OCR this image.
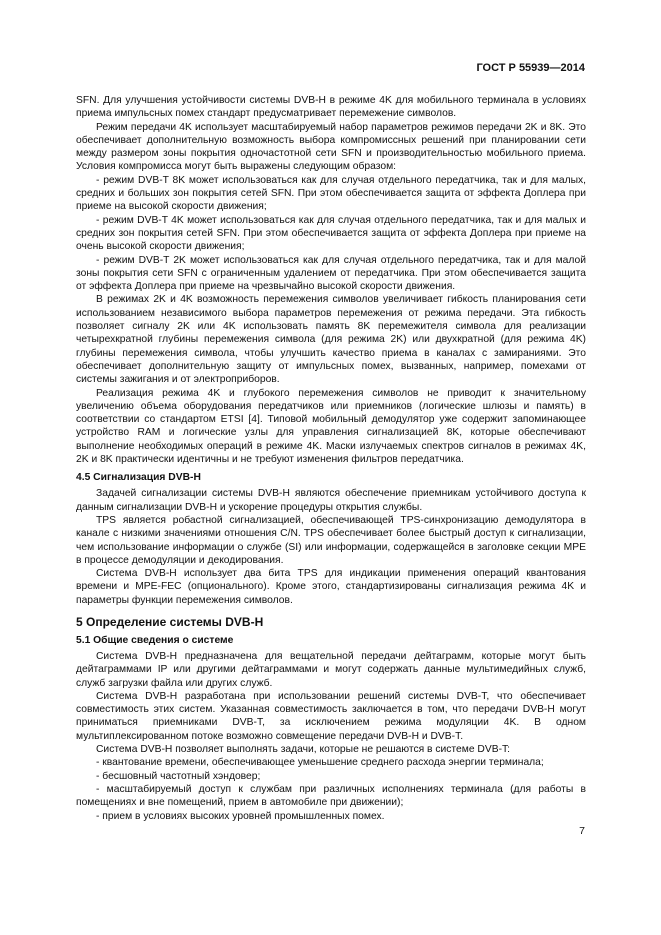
ГОСТ Р 55939—2014

SFN. Для улучшения устойчивости системы DVB-H в режиме 4K для мобильного терминала в условиях приема импульсных помех стандарт предусматривает перемежение символов.

Режим передачи 4K использует масштабируемый набор параметров режимов передачи 2K и 8K. Это обеспечивает дополнительную возможность выбора компромиссных решений при планировании сети между размером зоны покрытия одночастотной сети SFN и производительностью мобильного приема. Условия компромисса могут быть выражены следующим образом:

- режим DVB-T 8K может использоваться как для случая отдельного передатчика, так и для малых, средних и больших зон покрытия сетей SFN. При этом обеспечивается защита от эффекта Доплера при приеме на высокой скорости движения;

- режим DVB-T 4K может использоваться как для случая отдельного передатчика, так и для малых и средних зон покрытия сетей SFN. При этом обеспечивается защита от эффекта Доплера при приеме на очень высокой скорости движения;

- режим DVB-T 2K может использоваться как для случая отдельного передатчика, так и для малой зоны покрытия сети SFN с ограниченным удалением от передатчика. При этом обеспечивается защита от эффекта Доплера при приеме на чрезвычайно высокой скорости движения.

В режимах 2K и 4K возможность перемежения символов увеличивает гибкость планирования сети использованием независимого выбора параметров перемежения от режима передачи. Эта гибкость позволяет сигналу 2K или 4K использовать память 8K перемежителя символа для реализации четырехкратной глубины перемежения символа (для режима 2K) или двухкратной (для режима 4K) глубины перемежения символа, чтобы улучшить качество приема в каналах с замираниями. Это обеспечивает дополнительную защиту от импульсных помех, вызванных, например, помехами от системы зажигания и от электроприборов.

Реализация режима 4K и глубокого перемежения символов не приводит к значительному увеличению объема оборудования передатчиков или приемников (логические шлюзы и память) в соответствии со стандартом ETSI [4]. Типовой мобильный демодулятор уже содержит запоминающее устройство RAM и логические узлы для управления сигнализацией 8K, которые обеспечивают выполнение необходимых операций в режиме 4K. Маски излучаемых спектров сигналов в режимах 4K, 2K и 8K практически идентичны и не требуют изменения фильтров передатчика.

4.5 Сигнализация DVB-H

Задачей сигнализации системы DVB-H являются обеспечение приемникам устойчивого доступа к данным сигнализации DVB-H и ускорение процедуры открытия службы.

TPS является робастной сигнализацией, обеспечивающей TPS-синхронизацию демодулятора в канале с низкими значениями отношения C/N. TPS обеспечивает более быстрый доступ к сигнализации, чем использование информации о службе (SI) или информации, содержащейся в заголовке секции MPE в процессе демодуляции и декодирования.

Система DVB-H использует два бита TPS для индикации применения операций квантования времени и MPE-FEC (опционального). Кроме этого, стандартизированы сигнализация режима 4K и параметры функции перемежения символов.

5 Определение системы DVB-H
5.1 Общие сведения о системе

Система DVB-H предназначена для вещательной передачи дейтаграмм, которые могут быть дейтаграммами IP или другими дейтаграммами и могут содержать данные мультимедийных служб, служб загрузки файла или других служб.

Система DVB-H разработана при использовании решений системы DVB-T, что обеспечивает совместимость этих систем. Указанная совместимость заключается в том, что передачи DVB-H могут приниматься приемниками DVB-T, за исключением режима модуляции 4K. В одном мультиплексированном потоке возможно совмещение передачи DVB-H и DVB-T.

Система DVB-H позволяет выполнять задачи, которые не решаются в системе DVB-T:

- квантование времени, обеспечивающее уменьшение среднего расхода энергии терминала;

- бесшовный частотный хэндовер;

- масштабируемый доступ к службам при различных исполнениях терминала (для работы в помещениях и вне помещений, прием в автомобиле при движении);

- прием в условиях высоких уровней промышленных помех.

7
